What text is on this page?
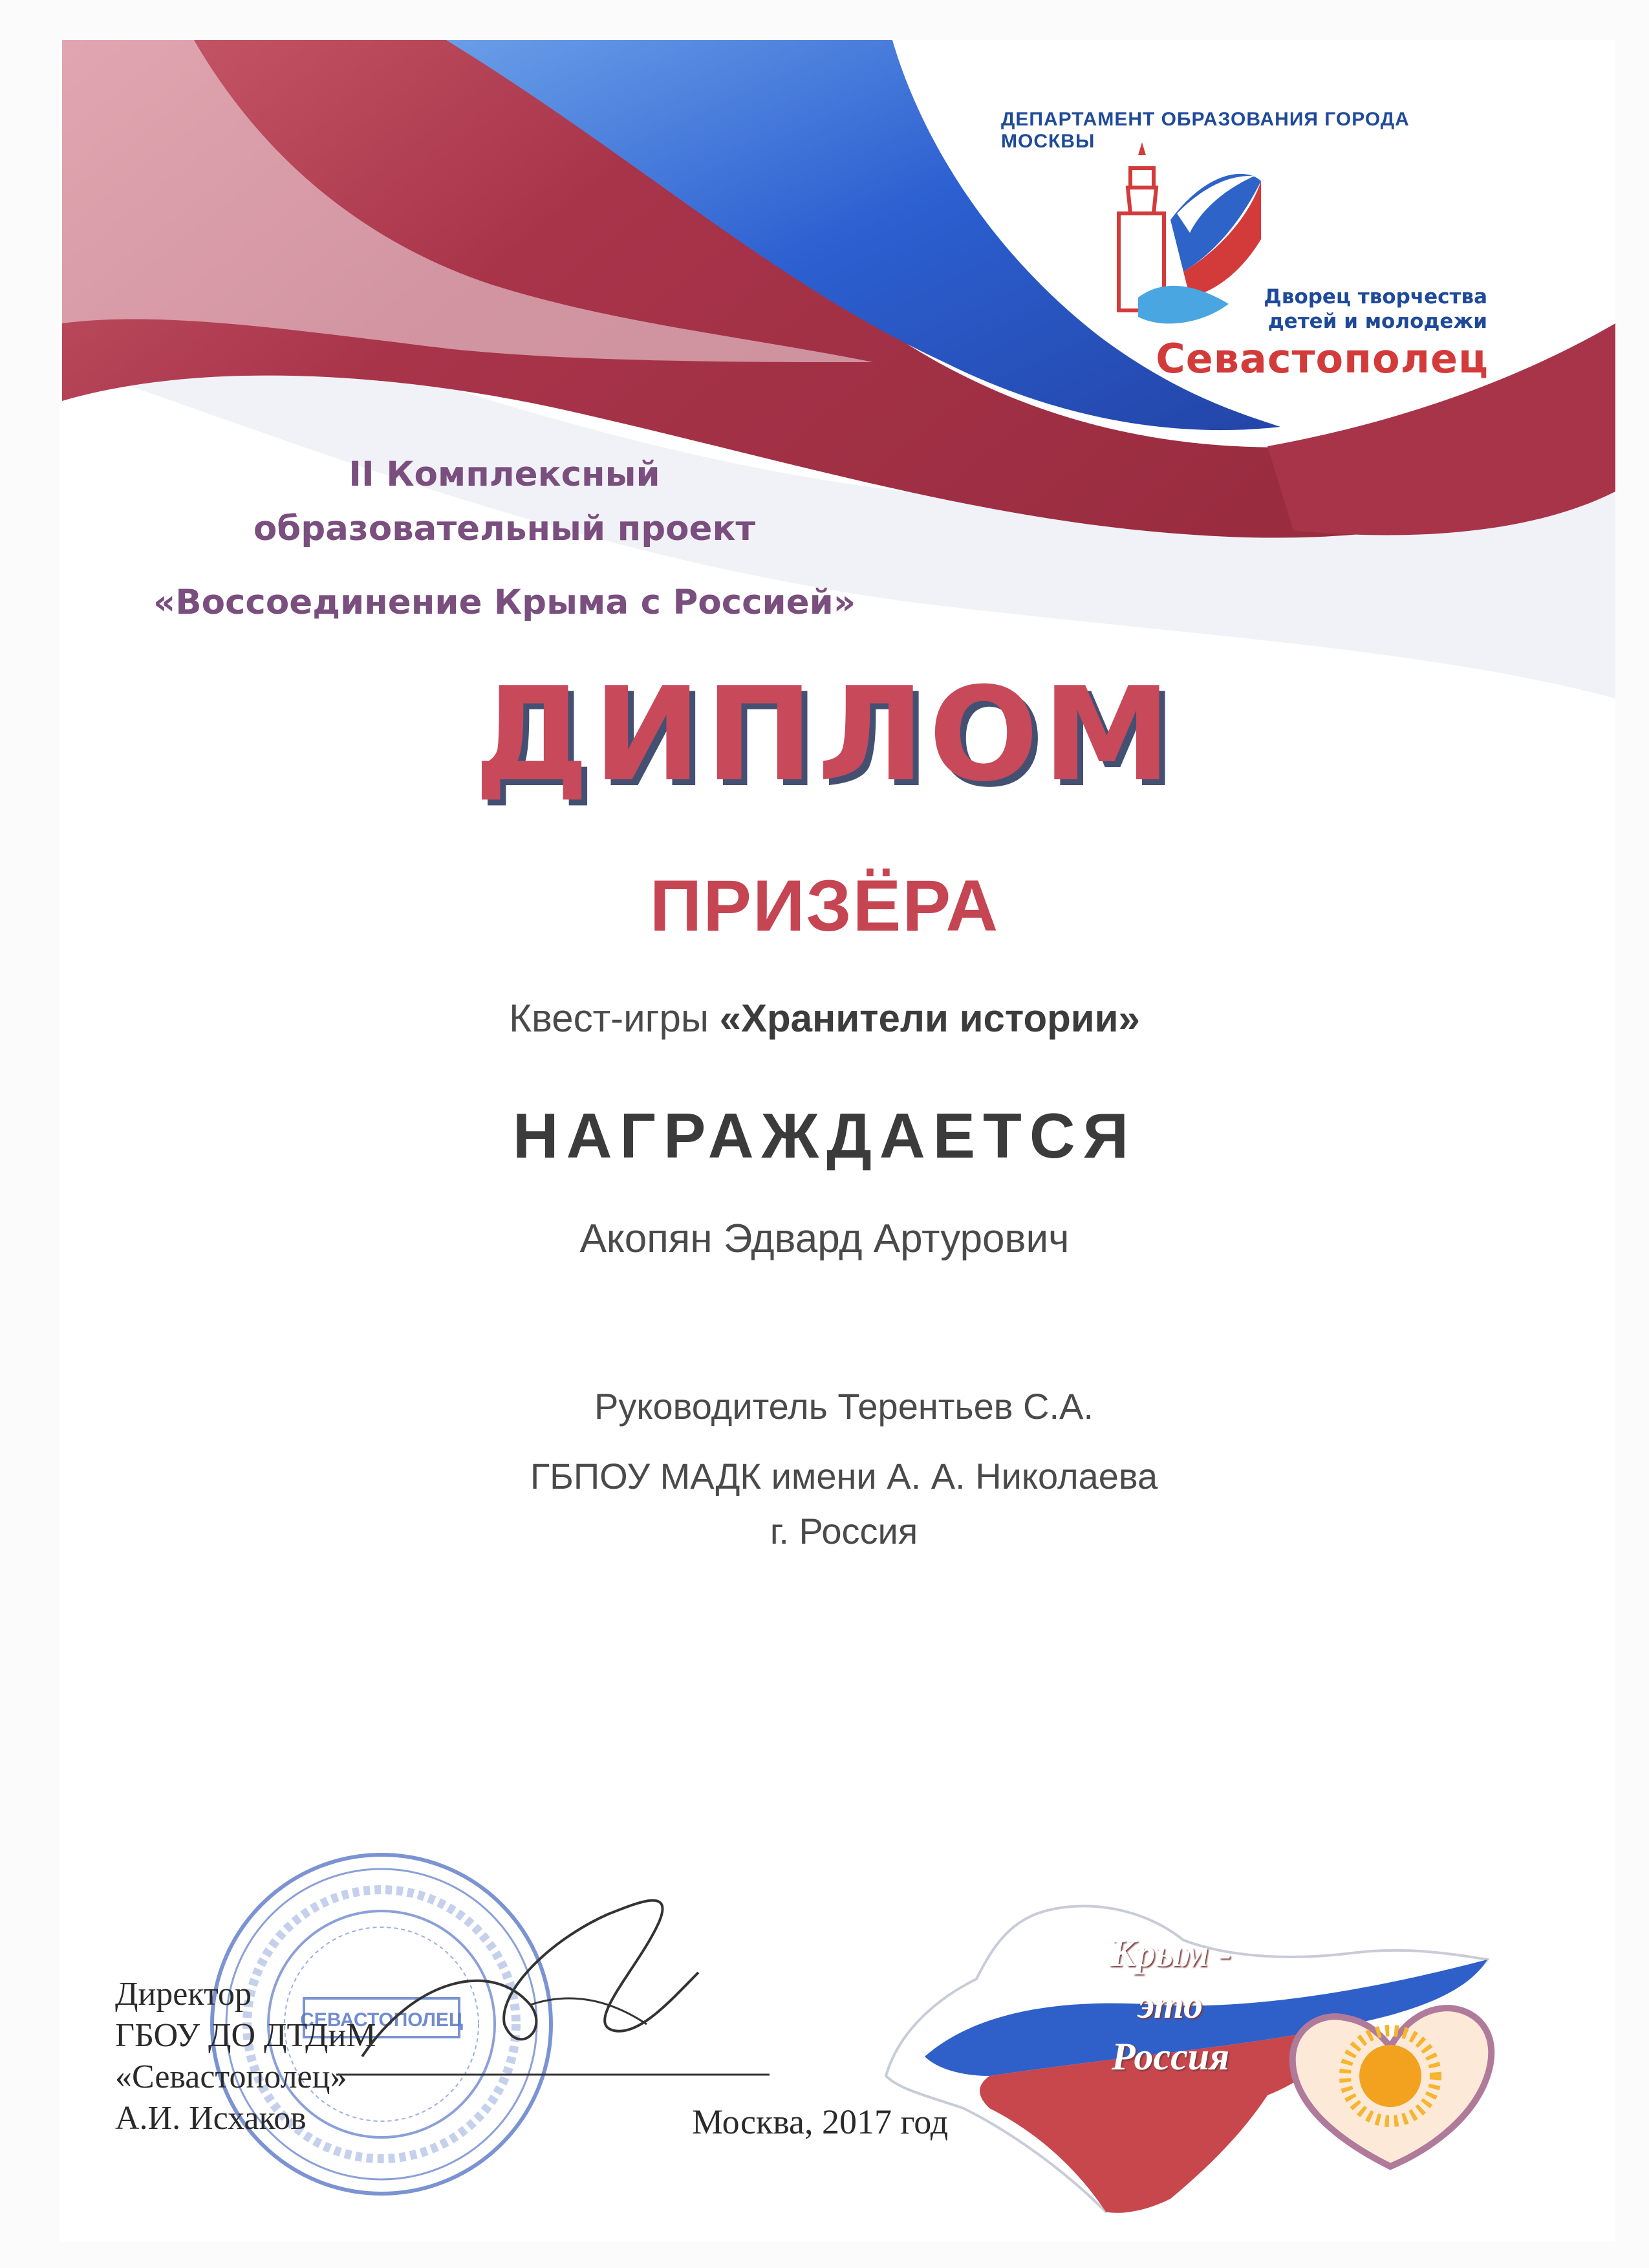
ДЕПАРТАМЕНТ ОБРАЗОВАНИЯ ГОРОДА МОСКВЫ
Дворец творчества
детей и молодежи
Севастополец
II Комплексный
образовательный проект
«Воссоединение Крыма с Россией»
ДИПЛОМ
ПРИЗЁРА
Квест-игры «Хранители истории»
НАГРАЖДАЕТСЯ
Акопян Эдвард Артурович
Руководитель Терентьев С.А.
ГБПОУ МАДК имени А. А. Николаева
г. Россия
СЕВАСТОПОЛЕЦ
Директор
ГБОУ ДО ДТДиМ
«Севастополец»
А.И. Исхаков	Москва, 2017 год
Крым -
это
Россия
